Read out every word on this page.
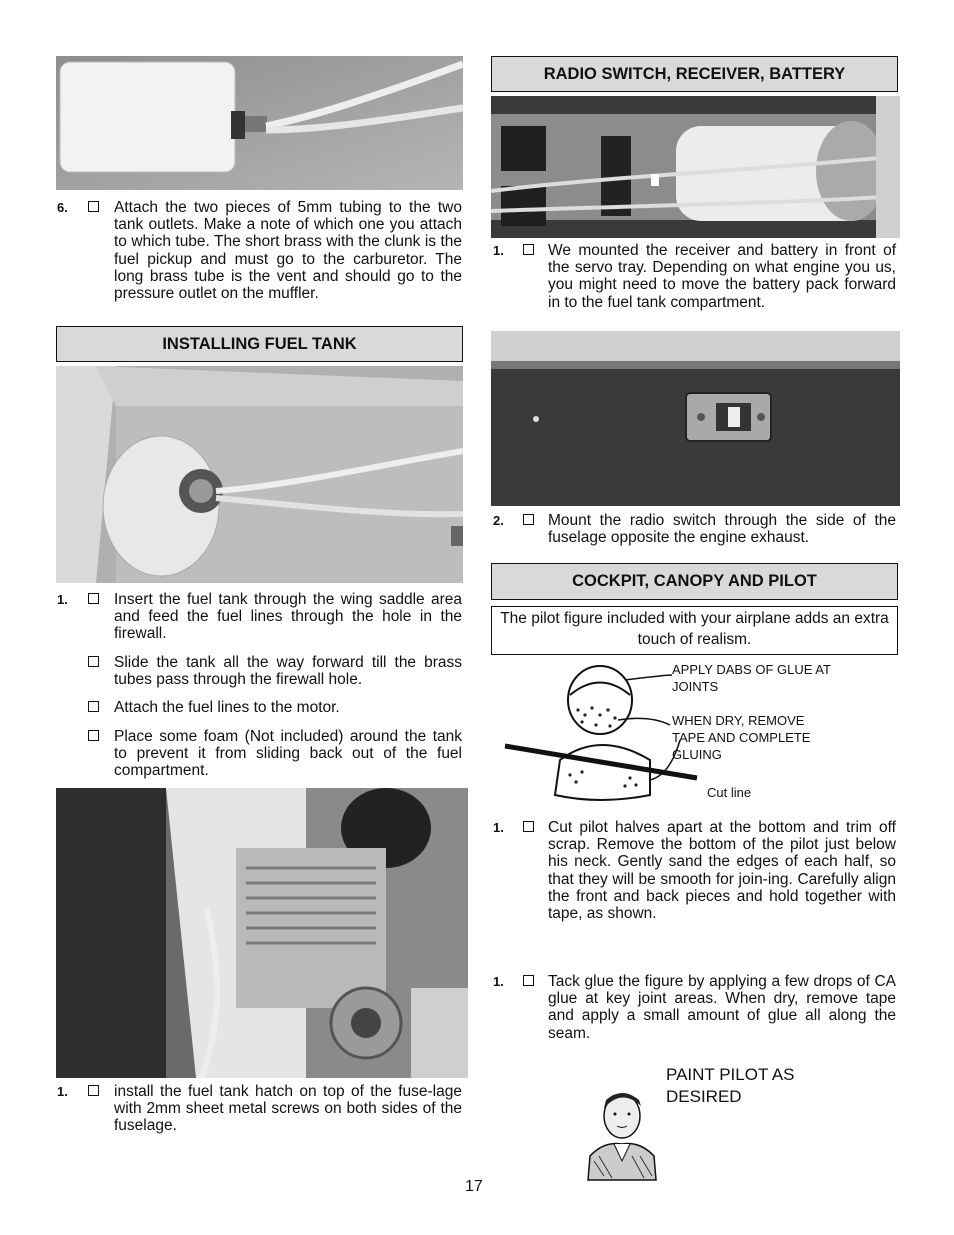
6.	Attach the two pieces of 5mm tubing to the two tank outlets. Make a note of which one you attach to which tube. The short brass with the clunk is the fuel pickup and must go to the carburetor. The long brass tube is the vent and should go to the pressure outlet on the muffler.
INSTALLING FUEL TANK
1.	Insert the fuel tank through the wing saddle area and feed the fuel lines through the hole in the firewall.
Slide the tank all the way forward till the brass tubes pass through the firewall hole.
Attach the fuel lines to the motor.
Place some foam (Not included) around the tank to prevent it from sliding back out of the fuel compartment.
1.	install the fuel tank hatch on top of the fuse-lage with 2mm sheet metal screws on both sides of the fuselage.
RADIO SWITCH, RECEIVER, BATTERY
1.	We mounted the receiver and battery in front of the servo tray. Depending on what engine you us, you might need to move the battery pack forward in to the fuel tank compartment.
2.	Mount the radio switch through the side of the fuselage opposite the engine exhaust.
COCKPIT, CANOPY AND PILOT
The pilot figure included with your airplane adds an extra touch of realism.
APPLY DABS OF GLUE AT
JOINTS
WHEN DRY, REMOVE
TAPE AND COMPLETE
GLUING
Cut line
1.	Cut pilot halves apart at the bottom and trim off scrap. Remove the bottom of the pilot just below his neck. Gently sand the edges of each half, so that they will be smooth for join-ing. Carefully align the front and back pieces and hold together with tape, as shown.
1.	Tack glue the figure by applying a few drops of CA glue at key joint areas. When dry, remove tape and apply a small amount of glue all along the seam.
PAINT PILOT AS
DESIRED
17
